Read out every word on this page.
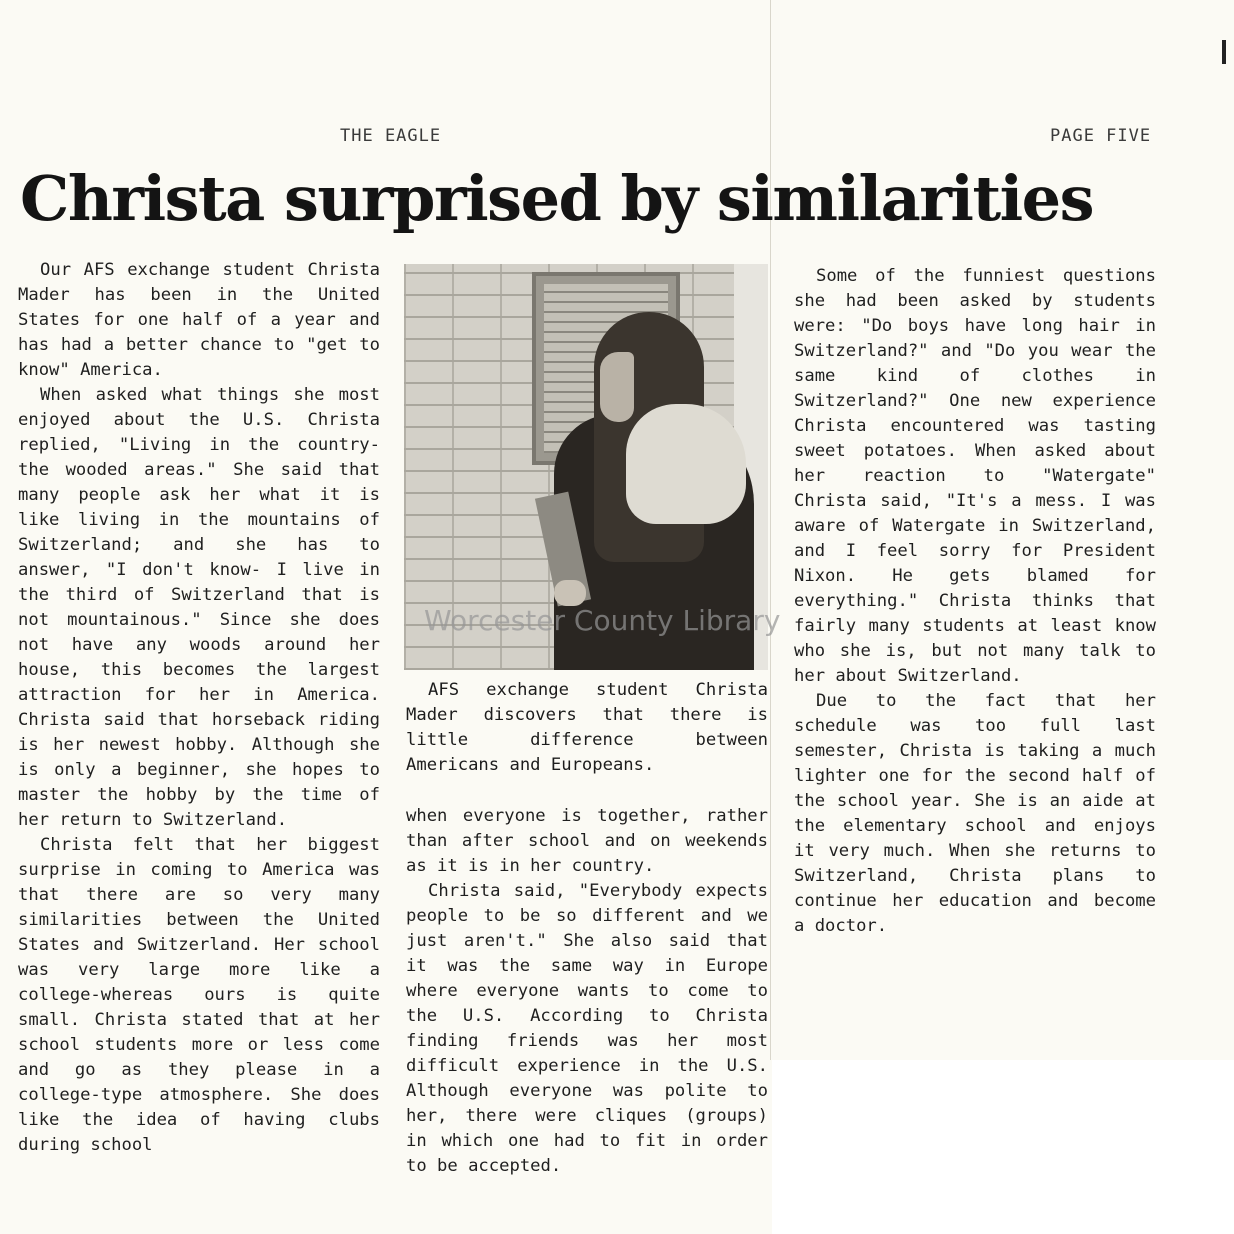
THE EAGLE	PAGE FIVE
Christa surprised by similarities

Our AFS exchange student Christa Mader has been in the United States for one half of a year and has had a better chance to "get to know" America.

When asked what things she most enjoyed about the U.S. Christa replied, "Living in the country-the wooded areas." She said that many people ask her what it is like living in the mountains of Switzerland; and she has to answer, "I don't know- I live in the third of Switzerland that is not mountainous." Since she does not have any woods around her house, this becomes the largest attraction for her in America. Christa said that horseback riding is her newest hobby. Although she is only a beginner, she hopes to master the hobby by the time of her return to Switzerland.

Christa felt that her biggest surprise in coming to America was that there are so very many similarities between the United States and Switzerland. Her school was very large more like a college-whereas ours is quite small. Christa stated that at her school students more or less come and go as they please in a college-type atmosphere. She does like the idea of having clubs during school

Worcester County Library
AFS exchange student Christa Mader discovers that there is little difference between Americans and Europeans.

when everyone is together, rather than after school and on weekends as it is in her country.

Christa said, "Everybody expects people to be so different and we just aren't." She also said that it was the same way in Europe where everyone wants to come to the U.S. According to Christa finding friends was her most difficult experience in the U.S. Although everyone was polite to her, there were cliques (groups) in which one had to fit in order to be accepted.

Some of the funniest questions she had been asked by students were: "Do boys have long hair in Switzerland?" and "Do you wear the same kind of clothes in Switzerland?" One new experience Christa encountered was tasting sweet potatoes. When asked about her reaction to "Watergate" Christa said, "It's a mess. I was aware of Watergate in Switzerland, and I feel sorry for President Nixon. He gets blamed for everything." Christa thinks that fairly many students at least know who she is, but not many talk to her about Switzerland.

Due to the fact that her schedule was too full last semester, Christa is taking a much lighter one for the second half of the school year. She is an aide at the elementary school and enjoys it very much. When she returns to Switzerland, Christa plans to continue her education and become a doctor.
